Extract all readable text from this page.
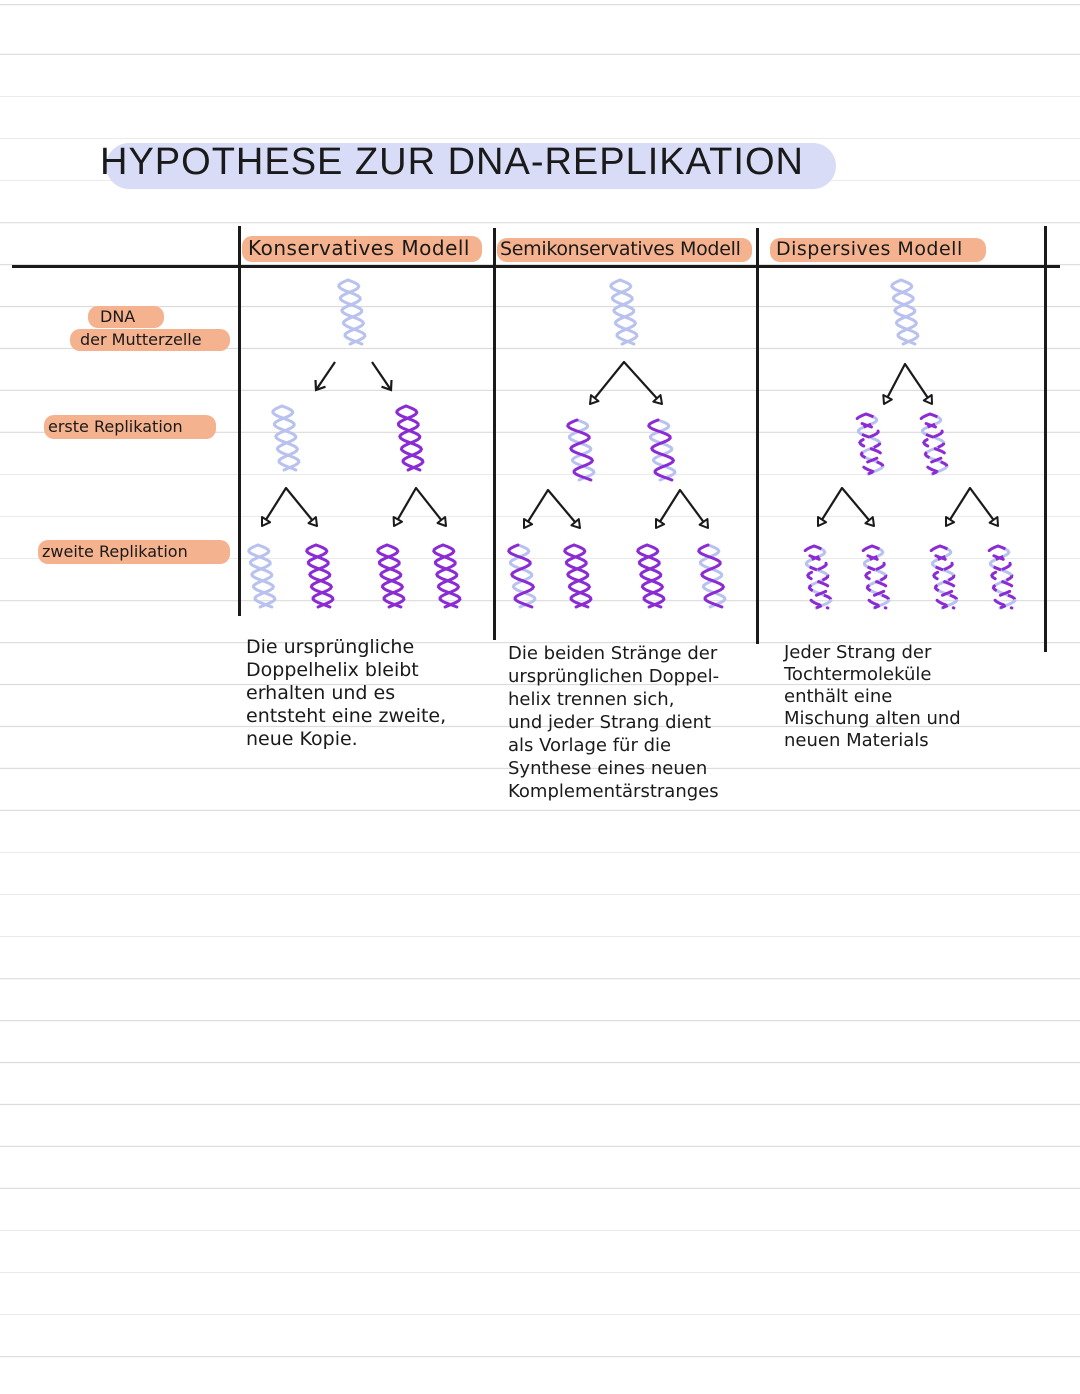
HYPOTHESE ZUR DNA-REPLIKATION
Konservatives Modell Semikonservatives Modell Dispersives Modell
DNA
der Mutterzelle
erste Replikation
zweite Replikation
Die ursprüngliche
Doppelhelix bleibt
erhalten und es
entsteht eine zweite,
neue Kopie.
Die beiden Stränge der
ursprünglichen Doppel-
helix trennen sich,
und jeder Strang dient
als Vorlage für die
Synthese eines neuen
Komplementärstranges
Jeder Strang der
Tochtermoleküle
enthält eine
Mischung alten und
neuen Materials
